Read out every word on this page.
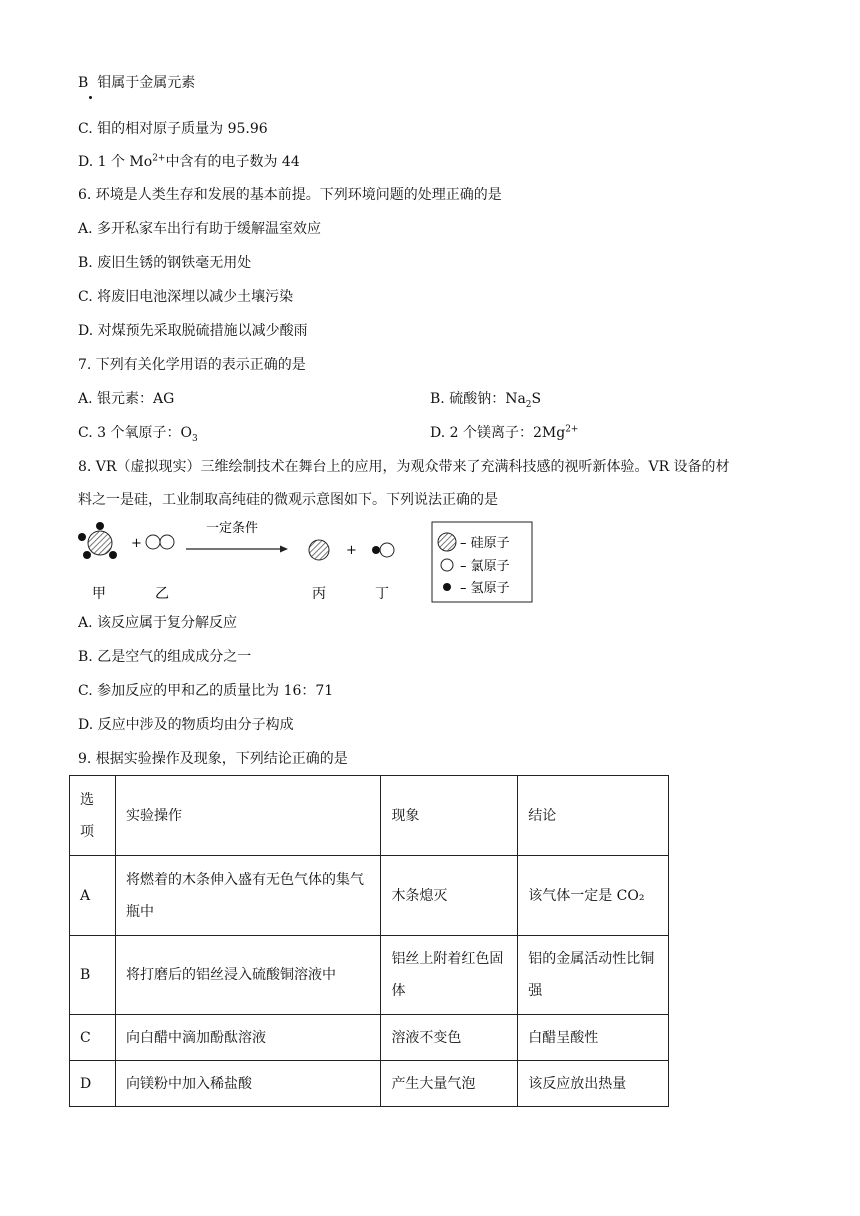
B 钼属于金属元素
C. 钼的相对原子质量为 95.96
D. 1 个 $Mo^{2+}$中含有的电子数为 44
6. 环境是人类生存和发展的基本前提。下列环境问题的处理正确的是
A. 多开私家车出行有助于缓解温室效应
B. 废旧生锈的钢铁毫无用处
C. 将废旧电池深埋以减少土壤污染
D. 对煤预先采取脱硫措施以减少酸雨
7. 下列有关化学用语的表示正确的是
A. 银元素：AG	B. 硫酸钠：$Na_2S$
C. 3 个氧原子：$O_3$	D. 2 个镁离子：$2Mg^{2+}$
8. VR（虚拟现实）三维绘制技术在舞台上的应用，为观众带来了充满科技感的视听新体验。VR 设备的材
料之一是硅，工业制取高纯硅的微观示意图如下。下列说法正确的是
+
一定条件
+
甲	乙	丙	丁
– 硅原子
– 氯原子
– 氢原子
A. 该反应属于复分解反应
B. 乙是空气的组成成分之一
C. 参加反应的甲和乙的质量比为 16：71
D. 反应中涉及的物质均由分子构成
9. 根据实验操作及现象，下列结论正确的是
选项	实验操作	现象	结论
A	将燃着的木条伸入盛有无色气体的集气瓶中	木条熄灭	该气体一定是 CO₂
B	将打磨后的铝丝浸入硫酸铜溶液中	铝丝上附着红色固体	铝的金属活动性比铜强
C	向白醋中滴加酚酞溶液	溶液不变色	白醋呈酸性
D	向镁粉中加入稀盐酸	产生大量气泡	该反应放出热量
